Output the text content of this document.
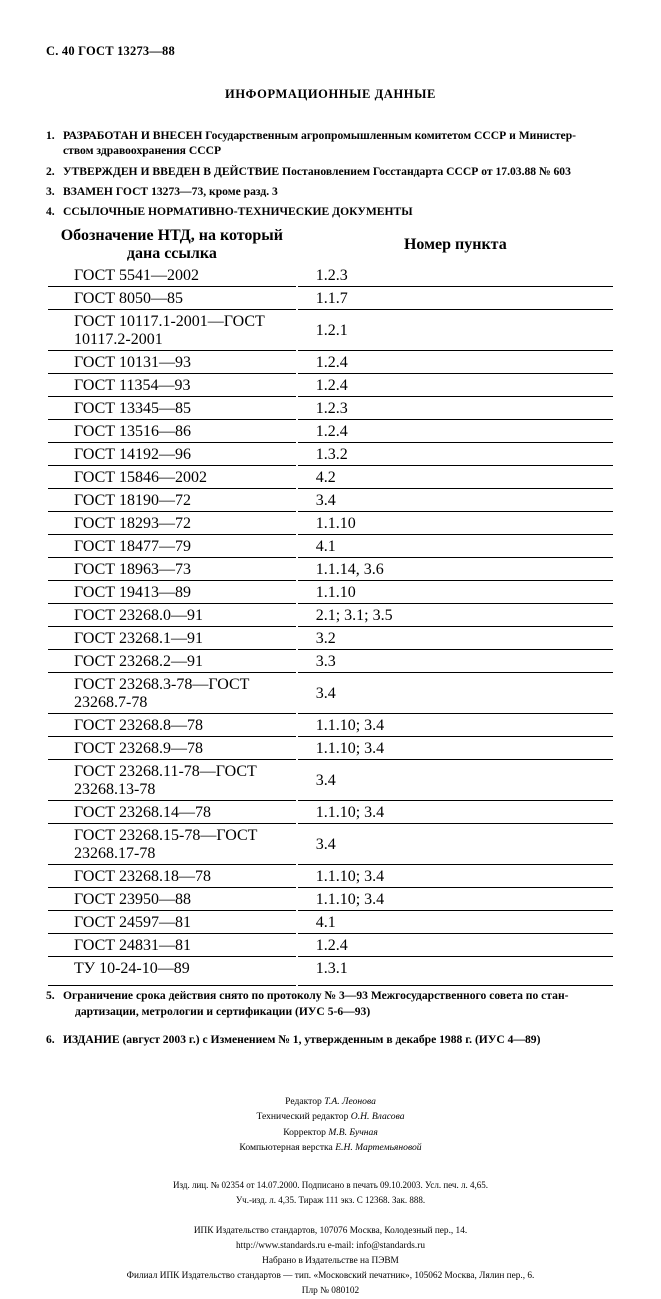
С. 40 ГОСТ 13273—88
ИНФОРМАЦИОННЫЕ ДАННЫЕ
1. РАЗРАБОТАН И ВНЕСЕН Государственным агропромышленным комитетом СССР и Министер-
ством здравоохранения СССР
2. УТВЕРЖДЕН И ВВЕДЕН В ДЕЙСТВИЕ Постановлением Госстандарта СССР от 17.03.88 № 603
3. ВЗАМЕН ГОСТ 13273—73, кроме разд. 3
4. ССЫЛОЧНЫЕ НОРМАТИВНО-ТЕХНИЧЕСКИЕ ДОКУМЕНТЫ
Обозначение НТД, на который дана ссылка	Номер пункта
ГОСТ 5541—2002	1.2.3
ГОСТ 8050—85	1.1.7
ГОСТ 10117.1-2001—ГОСТ 10117.2-2001	1.2.1
ГОСТ 10131—93	1.2.4
ГОСТ 11354—93	1.2.4
ГОСТ 13345—85	1.2.3
ГОСТ 13516—86	1.2.4
ГОСТ 14192—96	1.3.2
ГОСТ 15846—2002	4.2
ГОСТ 18190—72	3.4
ГОСТ 18293—72	1.1.10
ГОСТ 18477—79	4.1
ГОСТ 18963—73	1.1.14, 3.6
ГОСТ 19413—89	1.1.10
ГОСТ 23268.0—91	2.1; 3.1; 3.5
ГОСТ 23268.1—91	3.2
ГОСТ 23268.2—91	3.3
ГОСТ 23268.3-78—ГОСТ 23268.7-78	3.4
ГОСТ 23268.8—78	1.1.10; 3.4
ГОСТ 23268.9—78	1.1.10; 3.4
ГОСТ 23268.11-78—ГОСТ 23268.13-78	3.4
ГОСТ 23268.14—78	1.1.10; 3.4
ГОСТ 23268.15-78—ГОСТ 23268.17-78	3.4
ГОСТ 23268.18—78	1.1.10; 3.4
ГОСТ 23950—88	1.1.10; 3.4
ГОСТ 24597—81	4.1
ГОСТ 24831—81	1.2.4
ТУ 10-24-10—89	1.3.1
5. Ограничение срока действия снято по протоколу № 3—93 Межгосударственного совета по стан-
дартизации, метрологии и сертификации (ИУС 5-6—93)
6. ИЗДАНИЕ (август 2003 г.) с Изменением № 1, утвержденным в декабре 1988 г. (ИУС 4—89)
Редактор Т.А. Леонова
Технический редактор О.Н. Власова
Корректор М.В. Бучная
Компьютерная верстка Е.Н. Мартемьяновой
Изд. лиц. № 02354 от 14.07.2000. Подписано в печать 09.10.2003. Усл. печ. л. 4,65.
Уч.-изд. л. 4,35. Тираж 111 экз. С 12368. Зак. 888.
ИПК Издательство стандартов, 107076 Москва, Колодезный пер., 14.
http://www.standards.ru e-mail: info@standards.ru
Набрано в Издательстве на ПЭВМ
Филиал ИПК Издательство стандартов — тип. «Московский печатник», 105062 Москва, Лялин пер., 6.
Плр № 080102
